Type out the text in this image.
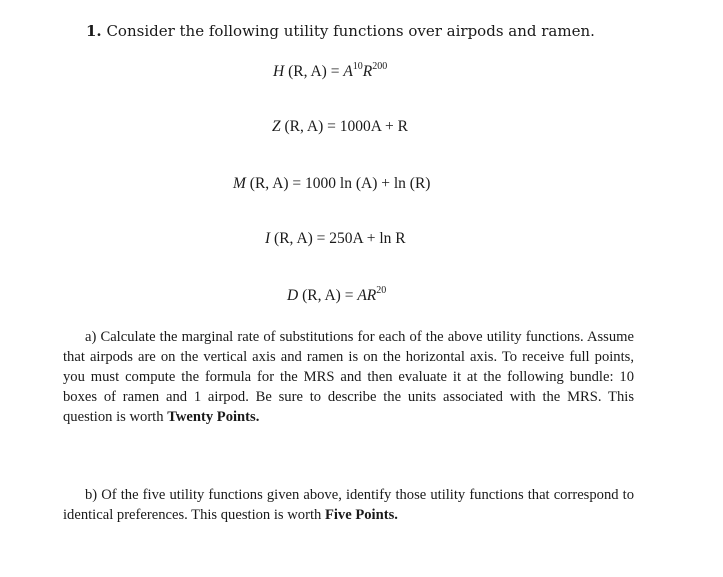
1. Consider the following utility functions over airpods and ramen.
H (R, $A) = A^{10}R^{200}$
Z (R, A) = 1000A + R
M (R, A) = 1000 ln (A) + ln (R)
I (R, A) = 250A + ln R
D (R, $A) = AR^{20}$
a) Calculate the marginal rate of substitutions for each of the above utility functions. Assume that airpods are on the vertical axis and ramen is on the horizontal axis. To receive full points, you must compute the formula for the MRS and then evaluate it at the following bundle: 10 boxes of ramen and 1 airpod. Be sure to describe the units associated with the MRS. This question is worth Twenty Points.
b) Of the five utility functions given above, identify those utility functions that correspond to identical preferences. This question is worth Five Points.
